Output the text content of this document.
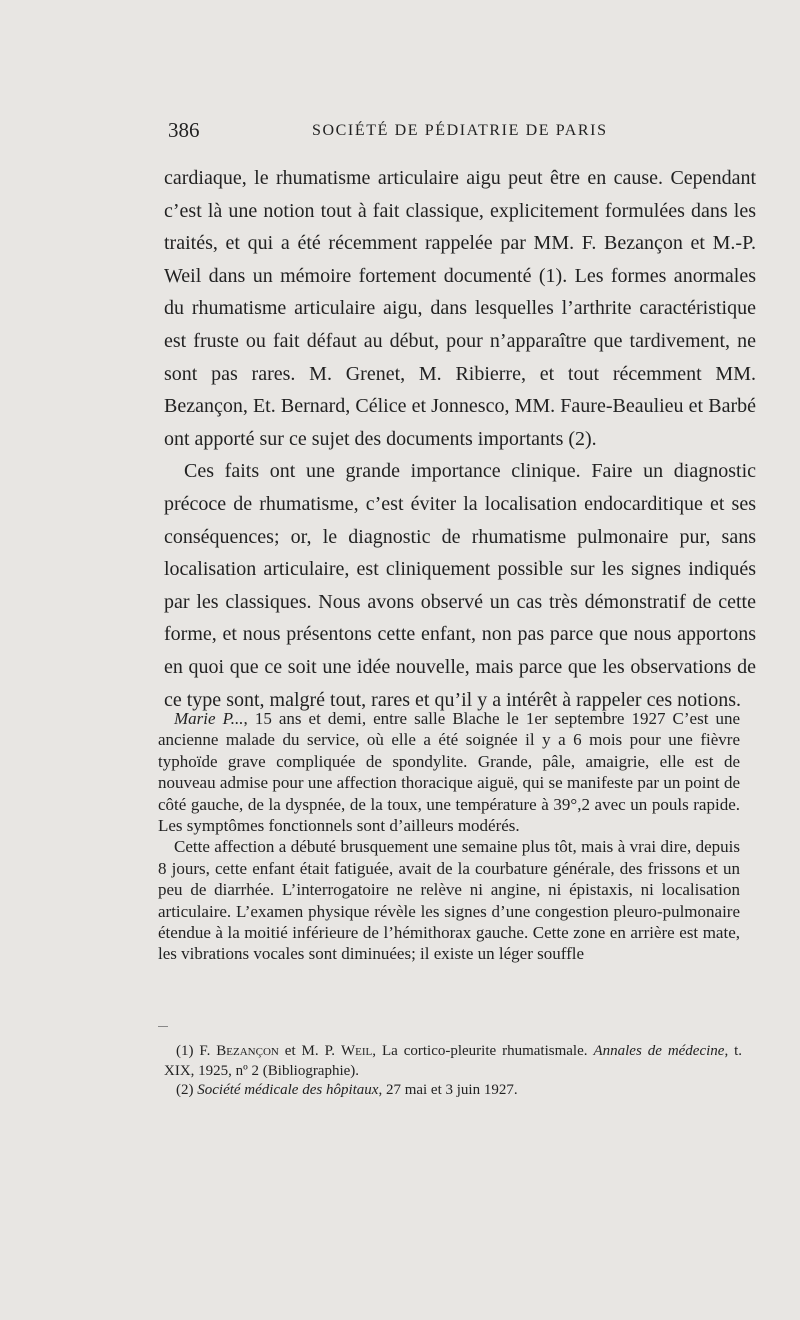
386	SOCIÉTÉ DE PÉDIATRIE DE PARIS

cardiaque, le rhumatisme articulaire aigu peut être en cause. Cependant c’est là une notion tout à fait classique, explicitement formulées dans les traités, et qui a été récemment rappelée par MM. F. Bezançon et M.-P. Weil dans un mémoire fortement documenté (1). Les formes anormales du rhumatisme articulaire aigu, dans lesquelles l’arthrite caractéristique est fruste ou fait défaut au début, pour n’apparaître que tardivement, ne sont pas rares. M. Grenet, M. Ribierre, et tout récemment MM. Bezançon, Et. Bernard, Célice et Jonnesco, MM. Faure-Beaulieu et Barbé ont apporté sur ce sujet des documents importants (2).

Ces faits ont une grande importance clinique. Faire un diagnostic précoce de rhumatisme, c’est éviter la localisation endocarditique et ses conséquences; or, le diagnostic de rhumatisme pulmonaire pur, sans localisation articulaire, est cliniquement possible sur les signes indiqués par les classiques. Nous avons observé un cas très démonstratif de cette forme, et nous présentons cette enfant, non pas parce que nous apportons en quoi que ce soit une idée nouvelle, mais parce que les observations de ce type sont, malgré tout, rares et qu’il y a intérêt à rappeler ces notions.

Marie P..., 15 ans et demi, entre salle Blache le 1er septembre 1927 C’est une ancienne malade du service, où elle a été soignée il y a 6 mois pour une fièvre typhoïde grave compliquée de spondylite. Grande, pâle, amaigrie, elle est de nouveau admise pour une affection thoracique aiguë, qui se manifeste par un point de côté gauche, de la dyspnée, de la toux, une température à 39°,2 avec un pouls rapide. Les symptômes fonctionnels sont d’ailleurs modérés.

Cette affection a débuté brusquement une semaine plus tôt, mais à vrai dire, depuis 8 jours, cette enfant était fatiguée, avait de la courbature générale, des frissons et un peu de diarrhée. L’interrogatoire ne relève ni angine, ni épistaxis, ni localisation articulaire. L’examen physique révèle les signes d’une congestion pleuro-pulmonaire étendue à la moitié inférieure de l’hémithorax gauche. Cette zone en arrière est mate, les vibrations vocales sont diminuées; il existe un léger souffle

(1) F. Bezançon et M. P. Weil, La cortico-pleurite rhumatismale. Annales de médecine, t. XIX, 1925, nº 2 (Bibliographie).

(2) Société médicale des hôpitaux, 27 mai et 3 juin 1927.
